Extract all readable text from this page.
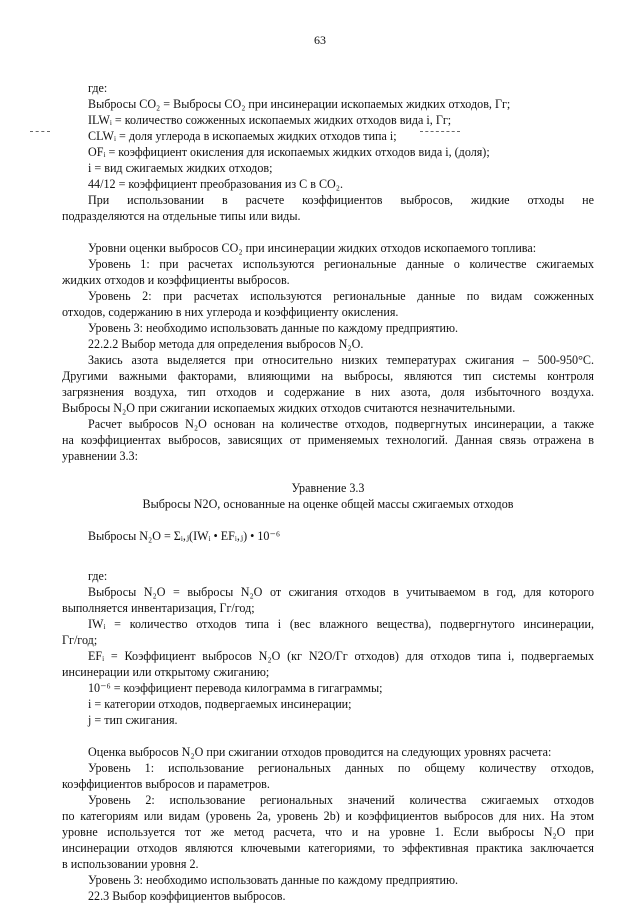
63
где:
Выбросы CO₂ = Выбросы CO₂ при инсинерации ископаемых жидких отходов, Гг;
ILWᵢ = количество сожженных ископаемых жидких отходов вида i, Гг;
CLWᵢ = доля углерода в ископаемых жидких отходов типа i;
OFᵢ = коэффициент окисления для ископаемых жидких отходов вида i, (доля);
i = вид сжигаемых жидких отходов;
44/12 = коэффициент преобразования из C в CO₂.
При использовании в расчете коэффициентов выбросов, жидкие отходы не
подразделяются на отдельные типы или виды.
Уровни оценки выбросов CO₂ при инсинерации жидких отходов ископаемого топлива:
Уровень 1: при расчетах используются региональные данные о количестве сжигаемых
жидких отходов и коэффициенты выбросов.
Уровень 2: при расчетах используются региональные данные по видам сожженных
отходов, содержанию в них углерода и коэффициенту окисления.
Уровень 3: необходимо использовать данные по каждому предприятию.
22.2.2 Выбор метода для определения выбросов N₂O.
Закись азота выделяется при относительно низких температурах сжигания – 500-950°C.
Другими важными факторами, влияющими на выбросы, являются тип системы контроля
загрязнения воздуха, тип отходов и содержание в них азота, доля избыточного воздуха.
Выбросы N₂O при сжигании ископаемых жидких отходов считаются незначительными.
Расчет выбросов N₂O основан на количестве отходов, подвергнутых инсинерации, а также
на коэффициентах выбросов, зависящих от применяемых технологий. Данная связь отражена в
уравнении 3.3:
Уравнение 3.3
Выбросы N2O, основанные на оценке общей массы сжигаемых отходов
Выбросы N₂O = Σᵢ,ⱼ(IWᵢ • EFᵢ,ⱼ) • 10⁻⁶
где:
Выбросы N₂O = выбросы N₂O от сжигания отходов в учитываемом в год, для которого
выполняется инвентаризация, Гг/год;
IWᵢ = количество отходов типа i (вес влажного вещества), подвергнутого инсинерации,
Гг/год;
EFᵢ = Коэффициент выбросов N₂O (кг N2O/Гг отходов) для отходов типа i, подвергаемых
инсинерации или открытому сжиганию;
10⁻⁶ = коэффициент перевода килограмма в гигаграммы;
i = категории отходов, подвергаемых инсинерации;
j = тип сжигания.
Оценка выбросов N₂O при сжигании отходов проводится на следующих уровнях расчета:
Уровень 1: использование региональных данных по общему количеству отходов,
коэффициентов выбросов и параметров.
Уровень 2: использование региональных значений количества сжигаемых отходов
по категориям или видам (уровень 2a, уровень 2b) и коэффициентов выбросов для них. На этом
уровне используется тот же метод расчета, что и на уровне 1. Если выбросы N₂O при
инсинерации отходов являются ключевыми категориями, то эффективная практика заключается
в использовании уровня 2.
Уровень 3: необходимо использовать данные по каждому предприятию.
22.3 Выбор коэффициентов выбросов.
